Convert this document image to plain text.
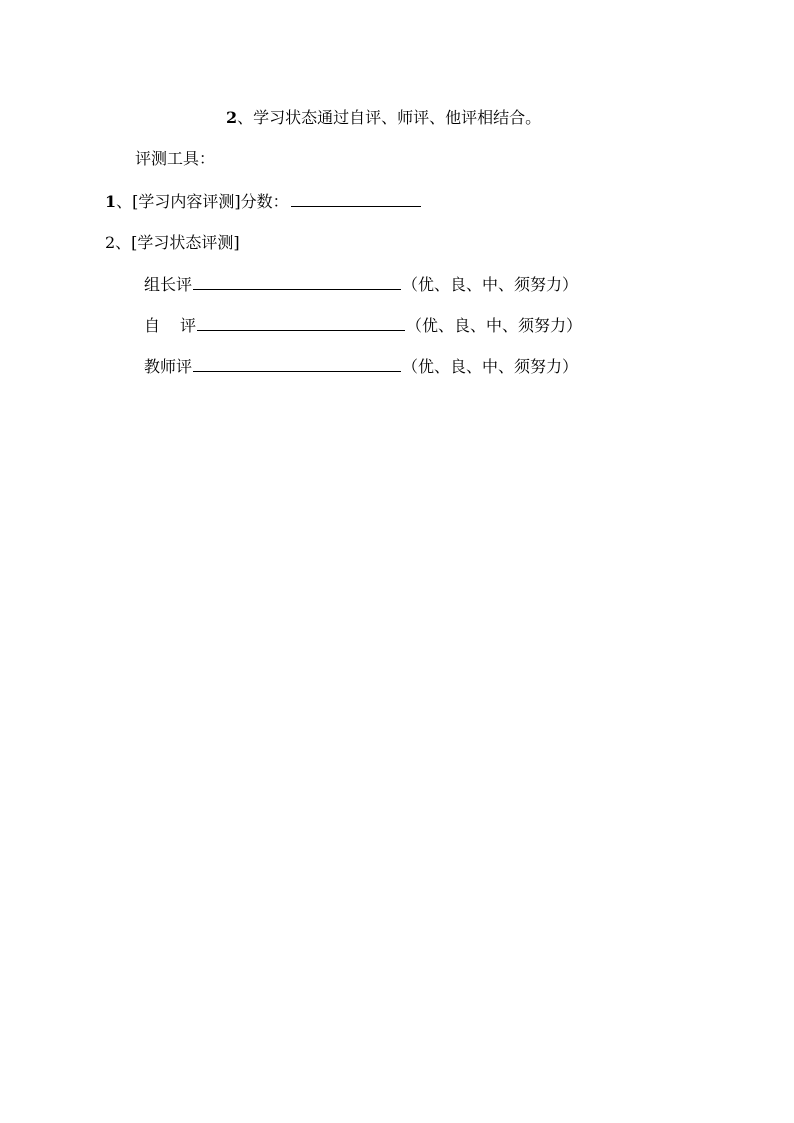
2、学习状态通过自评、师评、他评相结合。
评测工具：
1、[学习内容评测]分数：
2、[学习状态评测]
组长评	（优、良、中、须努力）
自 评	（优、良、中、须努力）
教师评	（优、良、中、须努力）
